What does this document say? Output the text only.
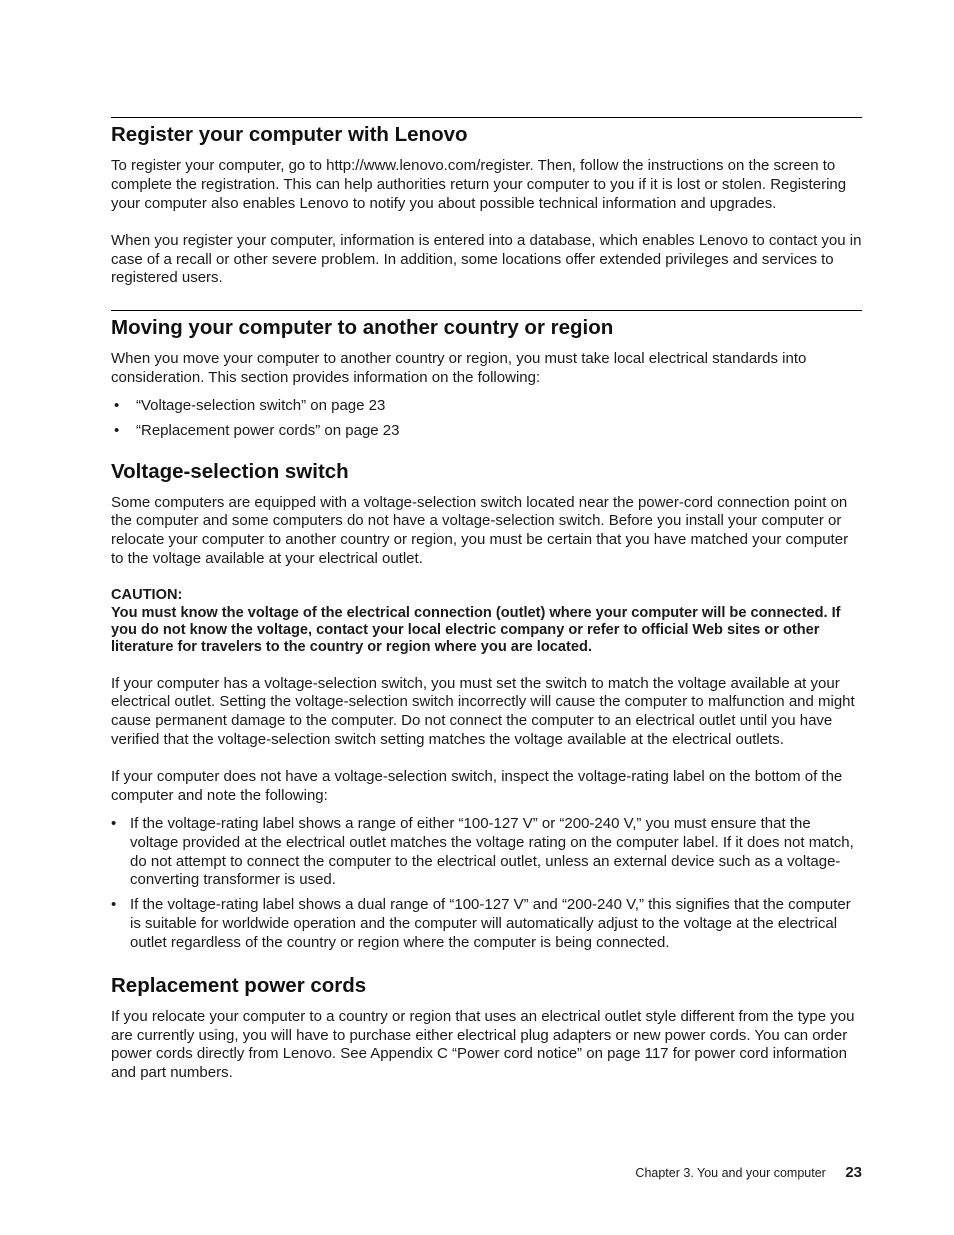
Register your computer with Lenovo

To register your computer, go to http://www.lenovo.com/register. Then, follow the instructions on the screen to complete the registration. This can help authorities return your computer to you if it is lost or stolen. Registering your computer also enables Lenovo to notify you about possible technical information and upgrades.

When you register your computer, information is entered into a database, which enables Lenovo to contact you in case of a recall or other severe problem. In addition, some locations offer extended privileges and services to registered users.

Moving your computer to another country or region

When you move your computer to another country or region, you must take local electrical standards into consideration. This section provides information on the following:

• “Voltage-selection switch” on page 23
• “Replacement power cords” on page 23
Voltage-selection switch

Some computers are equipped with a voltage-selection switch located near the power-cord connection point on the computer and some computers do not have a voltage-selection switch. Before you install your computer or relocate your computer to another country or region, you must be certain that you have matched your computer to the voltage available at your electrical outlet.

CAUTION:
You must know the voltage of the electrical connection (outlet) where your computer will be connected. If you do not know the voltage, contact your local electric company or refer to official Web sites or other literature for travelers to the country or region where you are located.

If your computer has a voltage-selection switch, you must set the switch to match the voltage available at your electrical outlet. Setting the voltage-selection switch incorrectly will cause the computer to malfunction and might cause permanent damage to the computer. Do not connect the computer to an electrical outlet until you have verified that the voltage-selection switch setting matches the voltage available at the electrical outlets.

If your computer does not have a voltage-selection switch, inspect the voltage-rating label on the bottom of the computer and note the following:

• If the voltage-rating label shows a range of either “100-127 V” or “200-240 V,” you must ensure that the voltage provided at the electrical outlet matches the voltage rating on the computer label. If it does not match, do not attempt to connect the computer to the electrical outlet, unless an external device such as a voltage-converting transformer is used.
• If the voltage-rating label shows a dual range of “100-127 V” and “200-240 V,” this signifies that the computer is suitable for worldwide operation and the computer will automatically adjust to the voltage at the electrical outlet regardless of the country or region where the computer is being connected.
Replacement power cords

If you relocate your computer to a country or region that uses an electrical outlet style different from the type you are currently using, you will have to purchase either electrical plug adapters or new power cords. You can order power cords directly from Lenovo. See Appendix C “Power cord notice” on page 117 for power cord information and part numbers.

Chapter 3. You and your computer 23
